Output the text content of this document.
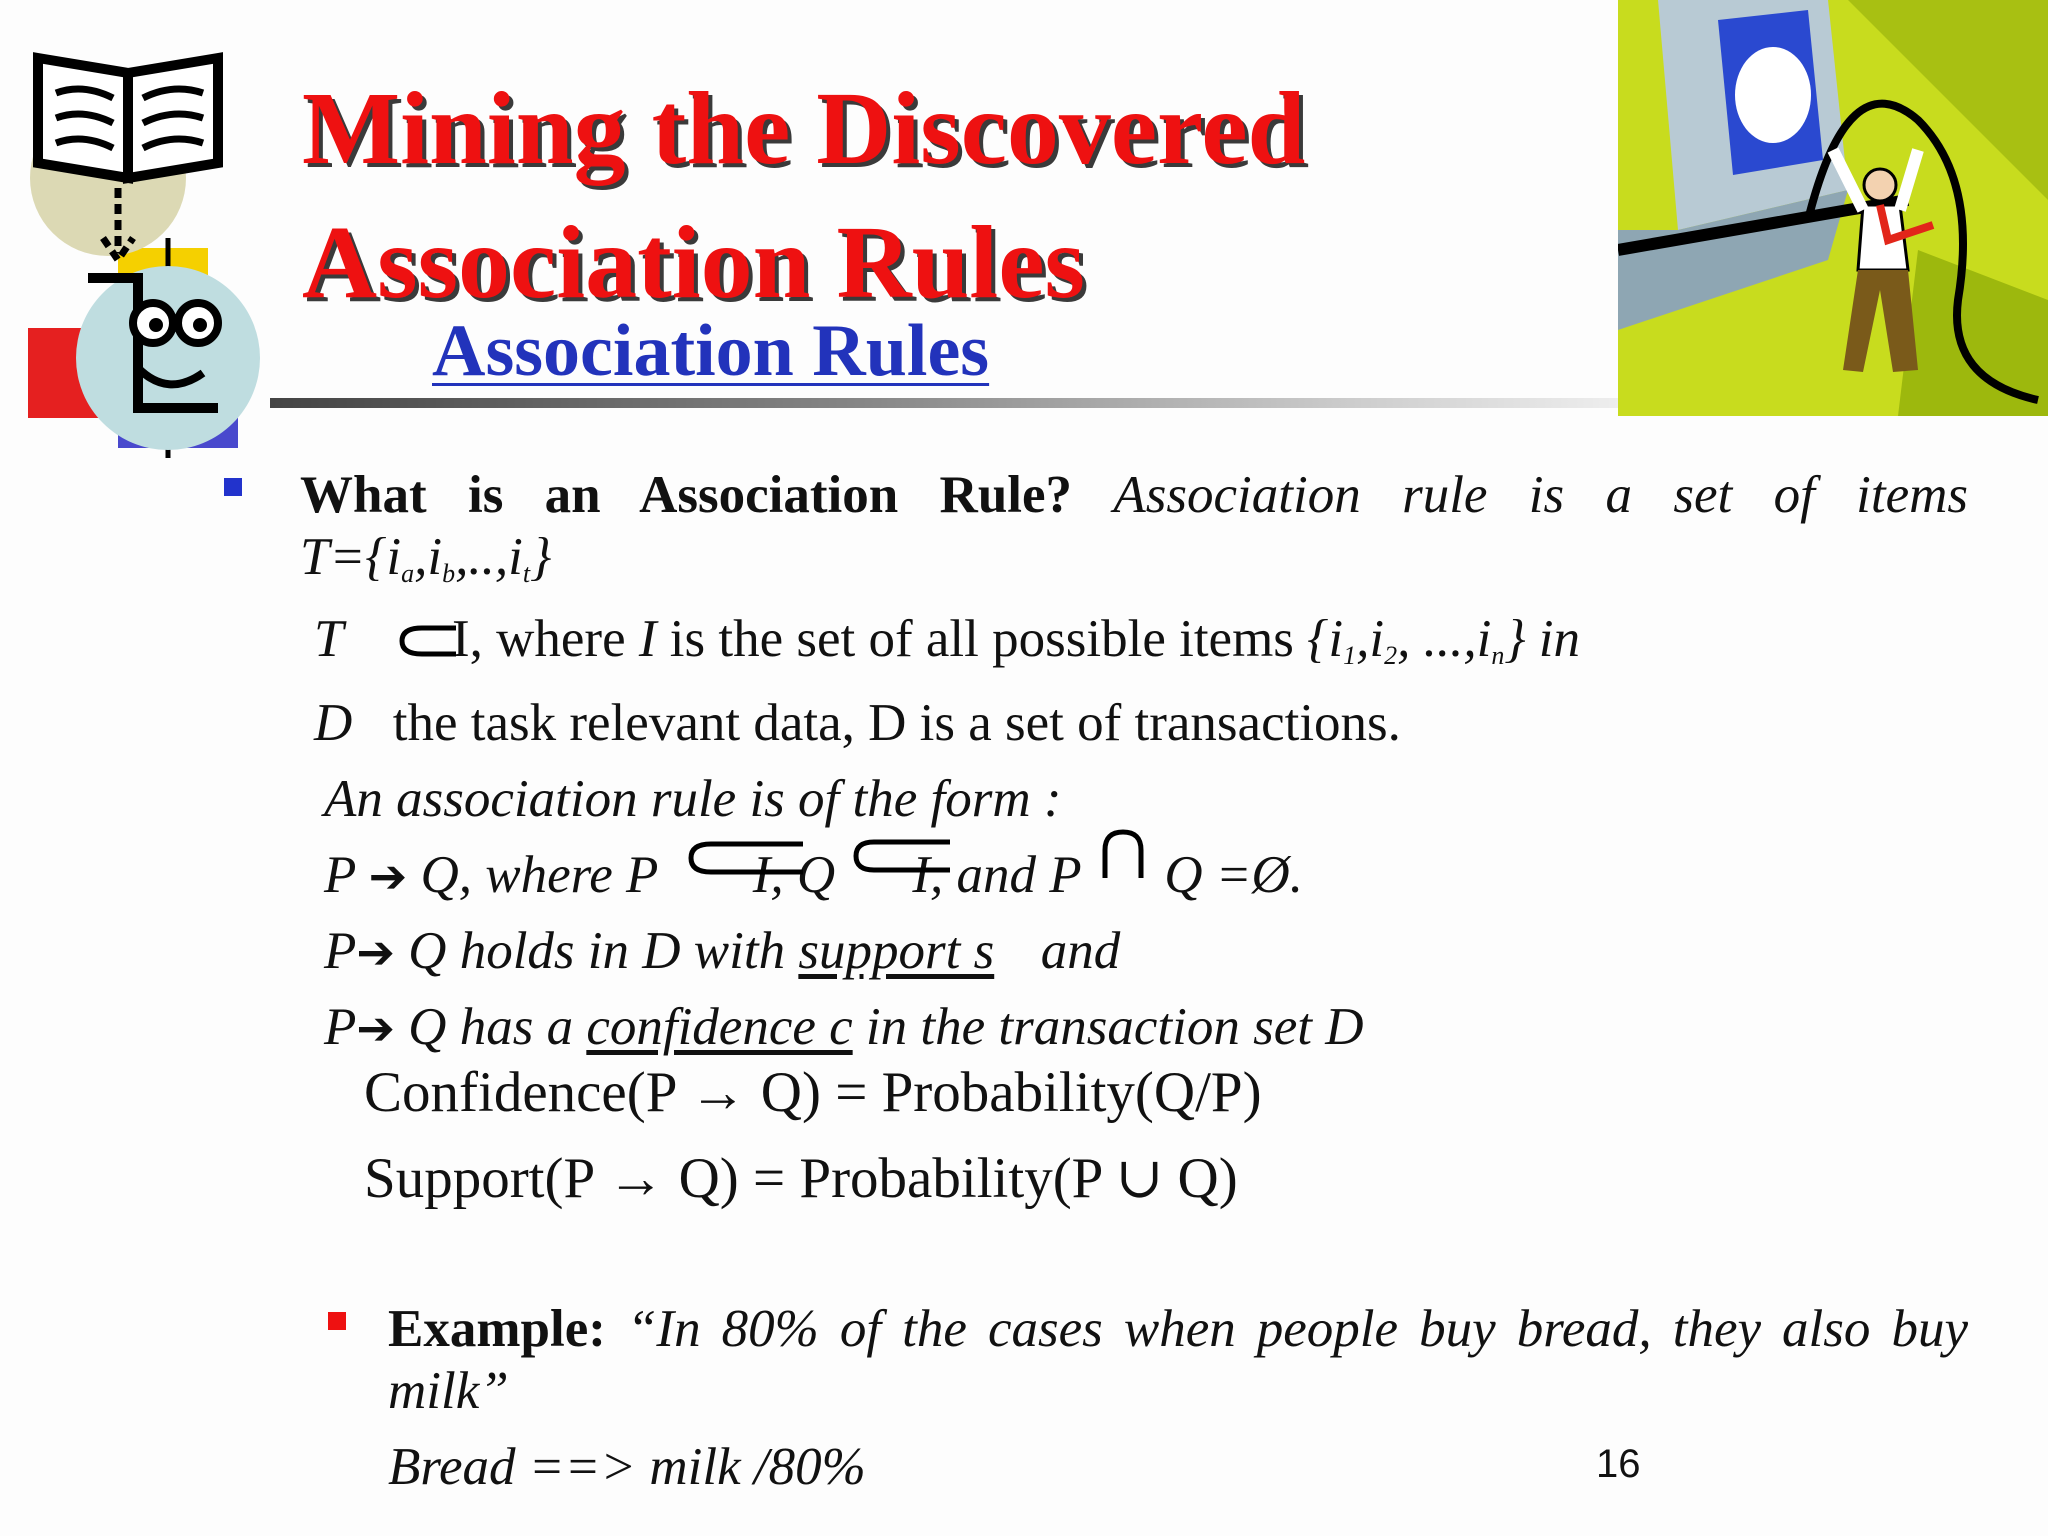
Mining the Discovered
Association Rules
Association Rules
What is an Association Rule? Association rule is a set of items
$T=\{i_a,i_b,..,i_t\}$
T I, where I is the set of all possible items {$i_1,i_2$, $...,i_n$} in
D the task relevant data, D is a set of transactions.
An association rule is of the form :
P ➔ Q, where P I, Q I, and P Q =Ø.
P➔ Q holds in D with support s and
P➔ Q has a confidence c in the transaction set D
Confidence(P → Q) = Probability(Q/P)
Support(P → Q) = Probability(P ∪ Q)
Example: “In 80% of the cases when people buy bread, they also buy milk”
Bread ==> milk /80%	16
